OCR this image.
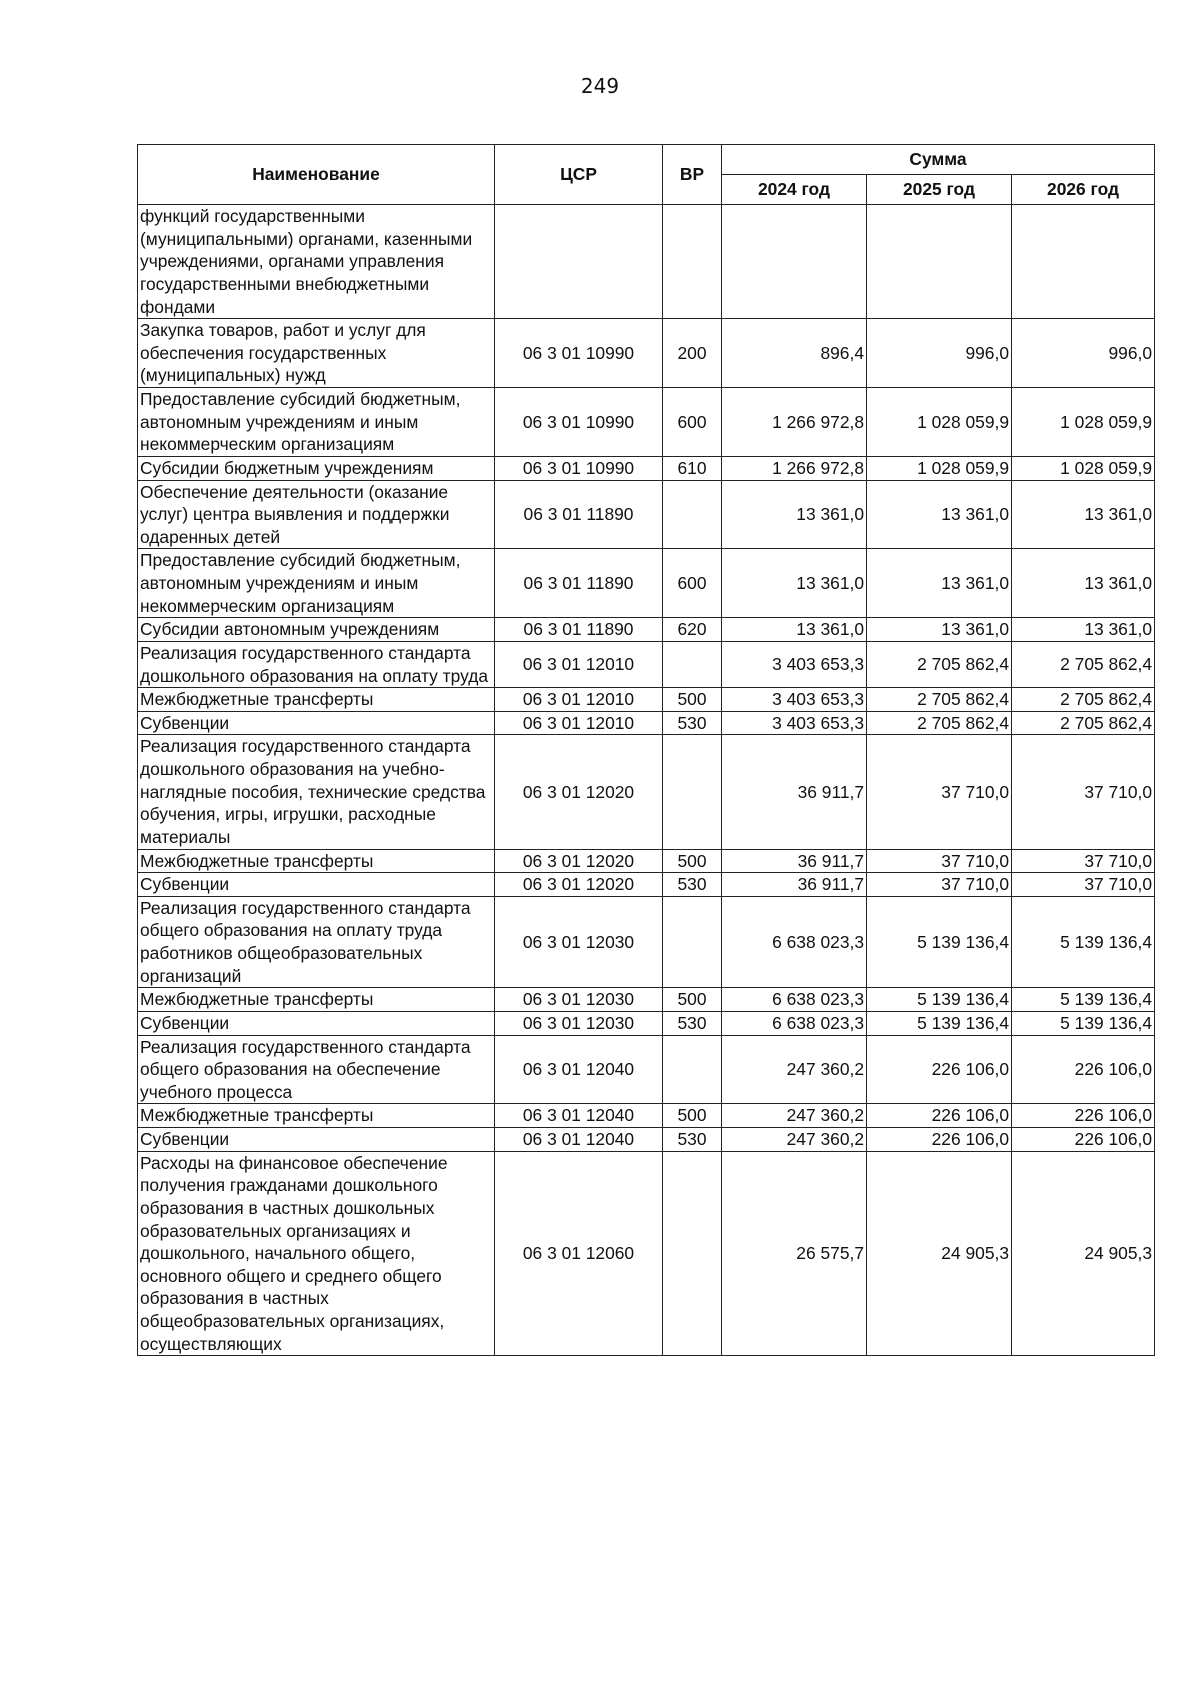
249
Наименование	ЦСР	ВР	Сумма		
			2024 год	2025 год	2026 год
функций государственными (муниципальными) органами, казенными учреждениями, органами управления государственными внебюджетными фондами					
Закупка товаров, работ и услуг для обеспечения государственных (муниципальных) нужд	06 3 01 10990	200	896,4	996,0	996,0
Предоставление субсидий бюджетным, автономным учреждениям и иным некоммерческим организациям	06 3 01 10990	600	1 266 972,8	1 028 059,9	1 028 059,9
Субсидии бюджетным учреждениям	06 3 01 10990	610	1 266 972,8	1 028 059,9	1 028 059,9
Обеспечение деятельности (оказание услуг) центра выявления и поддержки одаренных детей	06 3 01 11890		13 361,0	13 361,0	13 361,0
Предоставление субсидий бюджетным, автономным учреждениям и иным некоммерческим организациям	06 3 01 11890	600	13 361,0	13 361,0	13 361,0
Субсидии автономным учреждениям	06 3 01 11890	620	13 361,0	13 361,0	13 361,0
Реализация государственного стандарта дошкольного образования на оплату труда	06 3 01 12010		3 403 653,3	2 705 862,4	2 705 862,4
Межбюджетные трансферты	06 3 01 12010	500	3 403 653,3	2 705 862,4	2 705 862,4
Субвенции	06 3 01 12010	530	3 403 653,3	2 705 862,4	2 705 862,4
Реализация государственного стандарта дошкольного образования на учебно-наглядные пособия, технические средства обучения, игры, игрушки, расходные материалы	06 3 01 12020		36 911,7	37 710,0	37 710,0
Межбюджетные трансферты	06 3 01 12020	500	36 911,7	37 710,0	37 710,0
Субвенции	06 3 01 12020	530	36 911,7	37 710,0	37 710,0
Реализация государственного стандарта общего образования на оплату труда работников общеобразовательных организаций	06 3 01 12030		6 638 023,3	5 139 136,4	5 139 136,4
Межбюджетные трансферты	06 3 01 12030	500	6 638 023,3	5 139 136,4	5 139 136,4
Субвенции	06 3 01 12030	530	6 638 023,3	5 139 136,4	5 139 136,4
Реализация государственного стандарта общего образования на обеспечение учебного процесса	06 3 01 12040		247 360,2	226 106,0	226 106,0
Межбюджетные трансферты	06 3 01 12040	500	247 360,2	226 106,0	226 106,0
Субвенции	06 3 01 12040	530	247 360,2	226 106,0	226 106,0
Расходы на финансовое обеспечение получения гражданами дошкольного образования в частных дошкольных образовательных организациях и дошкольного, начального общего, основного общего и среднего общего образования в частных общеобразовательных организациях, осуществляющих	06 3 01 12060		26 575,7	24 905,3	24 905,3
